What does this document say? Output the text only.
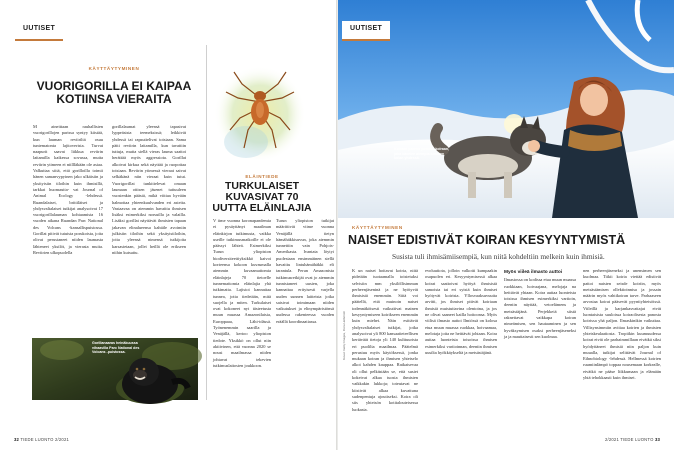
UUTISET
KÄYTTÄYTYMINEN
VUORIGORILLA EI KAIPAA KOTIINSA VIERAITA
M aineittaan rauhallisten vuorigorillojen parissa syntyy kiistää, kun lauman reviiriltä osuu tuntematonta lajitoverista. Turvat naapurit saavat liikkua reviirin laitamilla kaikessa sovussa, mutta reviirin ytimeen ei niillläkään ole asiaa. Valkuttaa siitä, että gorilloilla toimii hänen samanvypyinen jako ulkäisiin ja yksityisiin tiloihin kuin ihmisillä, tarkkat huomautta- vat Journal of Animal Ecology -lehdessä. Ruandalaiset, brittiläiset ja yhdysvaltalaiset tutkijat analysoivat 17 vuorigorillalauman kohtaamista 16 vuoden aikana Ruandan Parc National des Volcans -kansallispuistossa. Gorillat pitivät tutuista porukoista, joita olivat perustaneet niiden laumasta lähteneet yksilöt, ja vierasta muita. Reviirien ulkopuolella
gorillalaumat yleensä tapasivat lyppeäsista teemeksissä; leikkivät yhdessä tai rapsuttelivat toisiaan. Sama pätti reviirin laitamilla, kun tavattiin tuttuja, mutta siellä vieras lauma saattoi herättää myös aggressiota. Gorillat alkoivat kirkua sekä näyttää ja ruopottaa toisiaan. Reviirin ytimessä vieraat saivat selkäkänä niin vieraat kuin tutut. Vuorigorillat tunkittelevat omaan laumaan ottisen jäsenet tuttuuleen vuosienkin päästä, mikä viittaa hyvään halmottaa yhteenkuulvunden eri asteita. Vastaavaa on aiemmin havaittu ihmisen lisäksi esimerkiksi norsuilla ja valailla. Lisäksi gorillat näyttävät ihmisten tapaan jakavan elinalueensa kahtäle avoimiin julkisiin tiloihin sekä yksityistiloihin, joita yleensä nimensä tutkijoita karsastetaan, jollei heillä ole erikseen niihin kutsuttu.
Gorillanaaras heinäkuussa vihaavilla Parc National des Volcans -puistossa.
ELÄINTIEDE
TURKULAISET KUVASIVAT 70 UUTTA ELÄINLAJIA
V iime vuonna koronapandemia ei pysäyttänyt maailman eläinkirjon tutkimusta, vaikka useille tutkimusmatkoille ei ole päässyt lähteä. Esimerkiksi Turun yliopiston biodiversiteettiyksikkö kaivoi korteensa kokoon kuvasmalla aiemmin kuvaamattomia eläinlajeja 70 tietoelle tunnemattomia eläinlajia yhä tutkimatta. Lajistoi kannattaa tunnea, jotta tiedetään, mitä suojella ja miten. Turkulaiset ovat kokoneet nyt tästeetusta muun muassa Amazonilaisia, Europpaaa, Lähi-idässä. Työnenemmin saarilla ja Venäjällä, kertoo yliopiston tiedote. Yksikkö on ollut niin aktiivinen, että vuonna 2020 se nousi maailmassa niiden johtavat tekevien tutkimuslaitosten joukkoon.
Turun yliopiston tutkijat määrittivät viime vuonna Venäjällä tietyn hämähäkkisuvun, joka aiemmin tunnettiin vain Pohjois-Amerikasta. Ivantata löytyi puolestaan ensimmäinen siellä havaittu lintuhämähäkki eli tarantula. Perun Amazonista tutkimusretkijät ovat jo aiemmin tunnistaneet uusien, joka kannattaa erityisesti varjella uuden sunnen laitteista jotka saisivat toimimaan niiden vaikutukset ja elinympäristönsä uudessa rakenteessa vuoden eräällä koordinaatiassa.
32 TIEDE LUONTO 2/2021
UUTISET
Koiraan pareno porkkoi koiraan, joka kävelee aiempia lumisen kolan yhdessä.
KÄYTTÄYTYMINEN
NAISET EDISTIVÄT KOIRAN KESYYNTYMISTÄ
Susista tuli ihmisämiisempiä, kun niitä kohdeltiin melkein kuin ihmisiä.
K un naiset hoitavat koiria, niitä pidetään tuotaamalla toistetuksi selvisiin mm yksilöllisimman perheenjäseninä ja ne hyötyvät ihmisistä enemmän. Siitä voi päätellä, että muinoin naiset todennäköisesti vaikuttivat mainen kesyyntymiseen koirikseen enemmän kuin miehet. Näin esittävät yhdysvaltalaiset tutkijat, jotka analysoivat yli 800 kansaatieteellisen kertäväät tietoja yli 140 kulttuurista eri puolilta maailmaa. Päätelmä perustuu myös käytöksessä, jonka mukaan koiran ja ihmisen yhteiselo alkoi kahden kauppaa. Ratkaisevaa oli ollut pelkästään se, että susiet kokeivat alkaa tuosta ihmisten vaikkakin lukkoja; toteutavat ne kiistivät alkaa kuvattuna sudenpentuja ajoutiseksi. Koira oli siis yhteisön kotitalouteisessa luokasta.
evoluutiota, jolloin valkotti kumpaakin osapuolen eri. Kesyyntymisessä alkaa koirat saattoivat hyötyä ihmisistä samoista tai eri syistä kuin ihmiset hyötyvät koirista. Yllosvaaksuvuutta arvitti, jos ihmiset pitivät koiriaan ihmisiä muistuttavina olentoina, ja jos ne olivat saaneet kailla hoitoonsa. Myös viilisä ilmasto auttoi Ilmiössä on kolosa etua muun muassa ruokkaa, hoivaamaa, melotaja joita ne heittävät johtaan. Koira auttaa luonteista toisoissa ihmisen esimerkiksi vartioinnan, deentin ihmisen uusilta hyökkäykseltä ja metsästäjänä.
Myös viileä ilmasto auttoi
Ilmastossa on kodissa etua muun muassa ruokkiaan, hoivaajana, melojaja na heittävät yhtaan. Koira auttaa luonteista toisissa ihmisen esimerkiksi vartioin, deentin näyttää, vetoelämens ja metsästäjänä. Perjekkeiä siistä raknettavat vaikkapa koiran nimeämisen, sen hautaaminen ja sen hyväksymisen osaksi perheenjäseneksi ja ja mauttaisesti sen kuolmaa.
nen perheenjäseneksi ja unensimen sen kuolmaa. Tiikii koiria viettää edistivät pattoi naisten seisde koiriin, myös metsästämisen ollektioinnisa ja jossain määrin myös vahtikoiran tarve. Parhaaseen arvostaa koirat pääsevät pyyntiyhteisöissä. Viileillä ja karjankasvattajat eivät luontaisista suuloissa koiraolisesta panosta koirissa yhä paljon. Ilmaskinikin vaikuttaa. Villisynsimmiin avittaa koirien ja ihmisten yhteiskeulaatiosta. Tropiikin kuumuudessa koirat eivät ole parhaimmillaan eivätkä siksi hyödyttäneet ihmisiä niin paljon kuin muualla, tutkijat selittävät Journal of Ethnobiology -lehdessä. Hellmessä koirien ruumiinlämpö toppaa nousemaan korkealle, eivätkä ne pääse liikkumaan ja elämään yhtä tehokkaasti kuin ihmiset.
Kuvat: Getty Images, Flora Hellström
2/2021 TIEDE LUONTO 33
